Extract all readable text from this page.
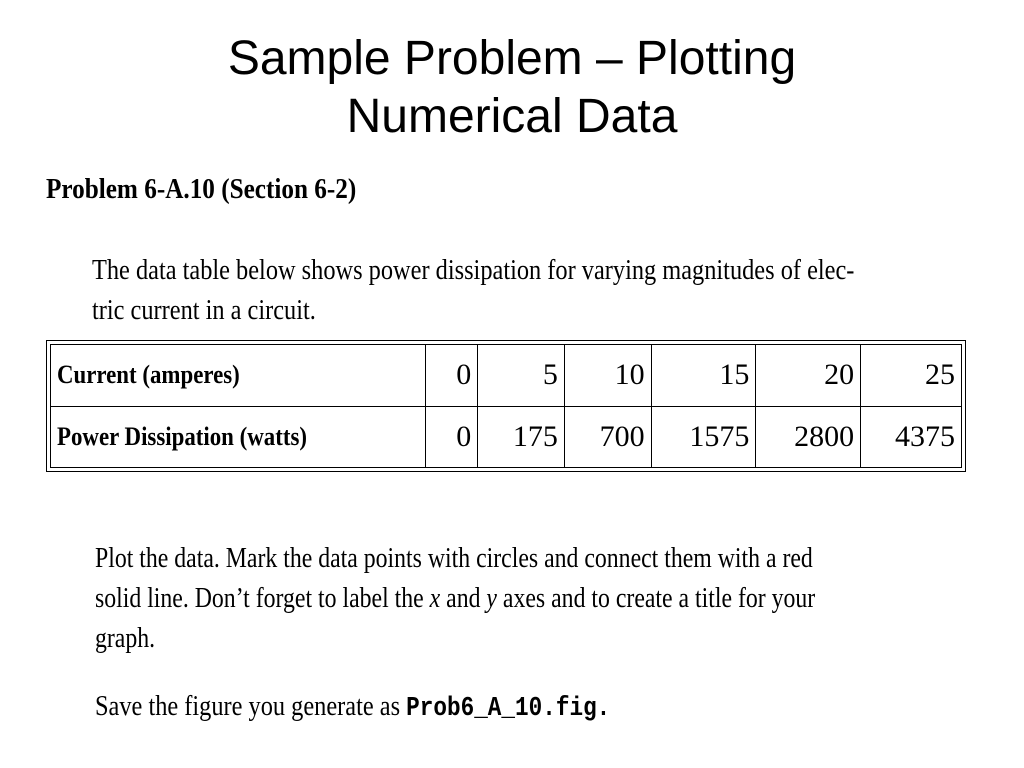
Sample Problem – Plotting
Numerical Data
Problem 6-A.10 (Section 6-2)

The data table below shows power dissipation for varying magnitudes of elec-
tric current in a circuit.

Current (amperes)	0	5	10	15	20	25
Power Dissipation (watts)	0	175	700	1575	2800	4375

Plot the data. Mark the data points with circles and connect them with a red
solid line. Don’t forget to label the x and y axes and to create a title for your
graph.

Save the figure you generate as Prob6_A_10.fig.
